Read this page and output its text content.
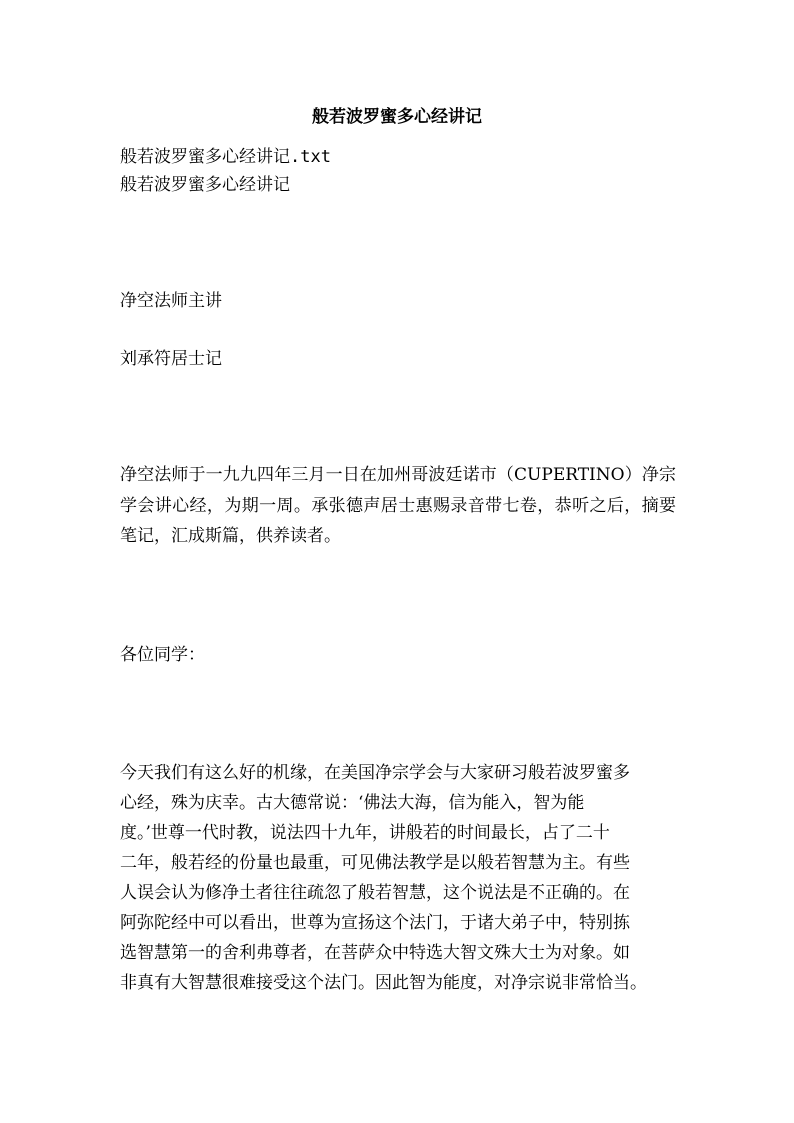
般若波罗蜜多心经讲记

般若波罗蜜多心经讲记.txt

般若波罗蜜多心经讲记

净空法师主讲

刘承符居士记

净空法师于一九九四年三月一日在加州哥波廷诺市（CUPERTINO）净宗学会讲心经，为期一周。承张德声居士惠赐录音带七卷，恭听之后，摘要笔记，汇成斯篇，供养读者。

各位同学：

今天我们有这么好的机缘，在美国净宗学会与大家研习般若波罗蜜多

心经，殊为庆幸。古大德常说：‘佛法大海，信为能入，智为能

度。’世尊一代时教，说法四十九年，讲般若的时间最长，占了二十

二年，般若经的份量也最重，可见佛法教学是以般若智慧为主。有些

人误会认为修净土者往往疏忽了般若智慧，这个说法是不正确的。在

阿弥陀经中可以看出，世尊为宣扬这个法门，于诸大弟子中，特别拣

选智慧第一的舍利弗尊者，在菩萨众中特选大智文殊大士为对象。如

非真有大智慧很难接受这个法门。因此智为能度，对净宗说非常恰当。
